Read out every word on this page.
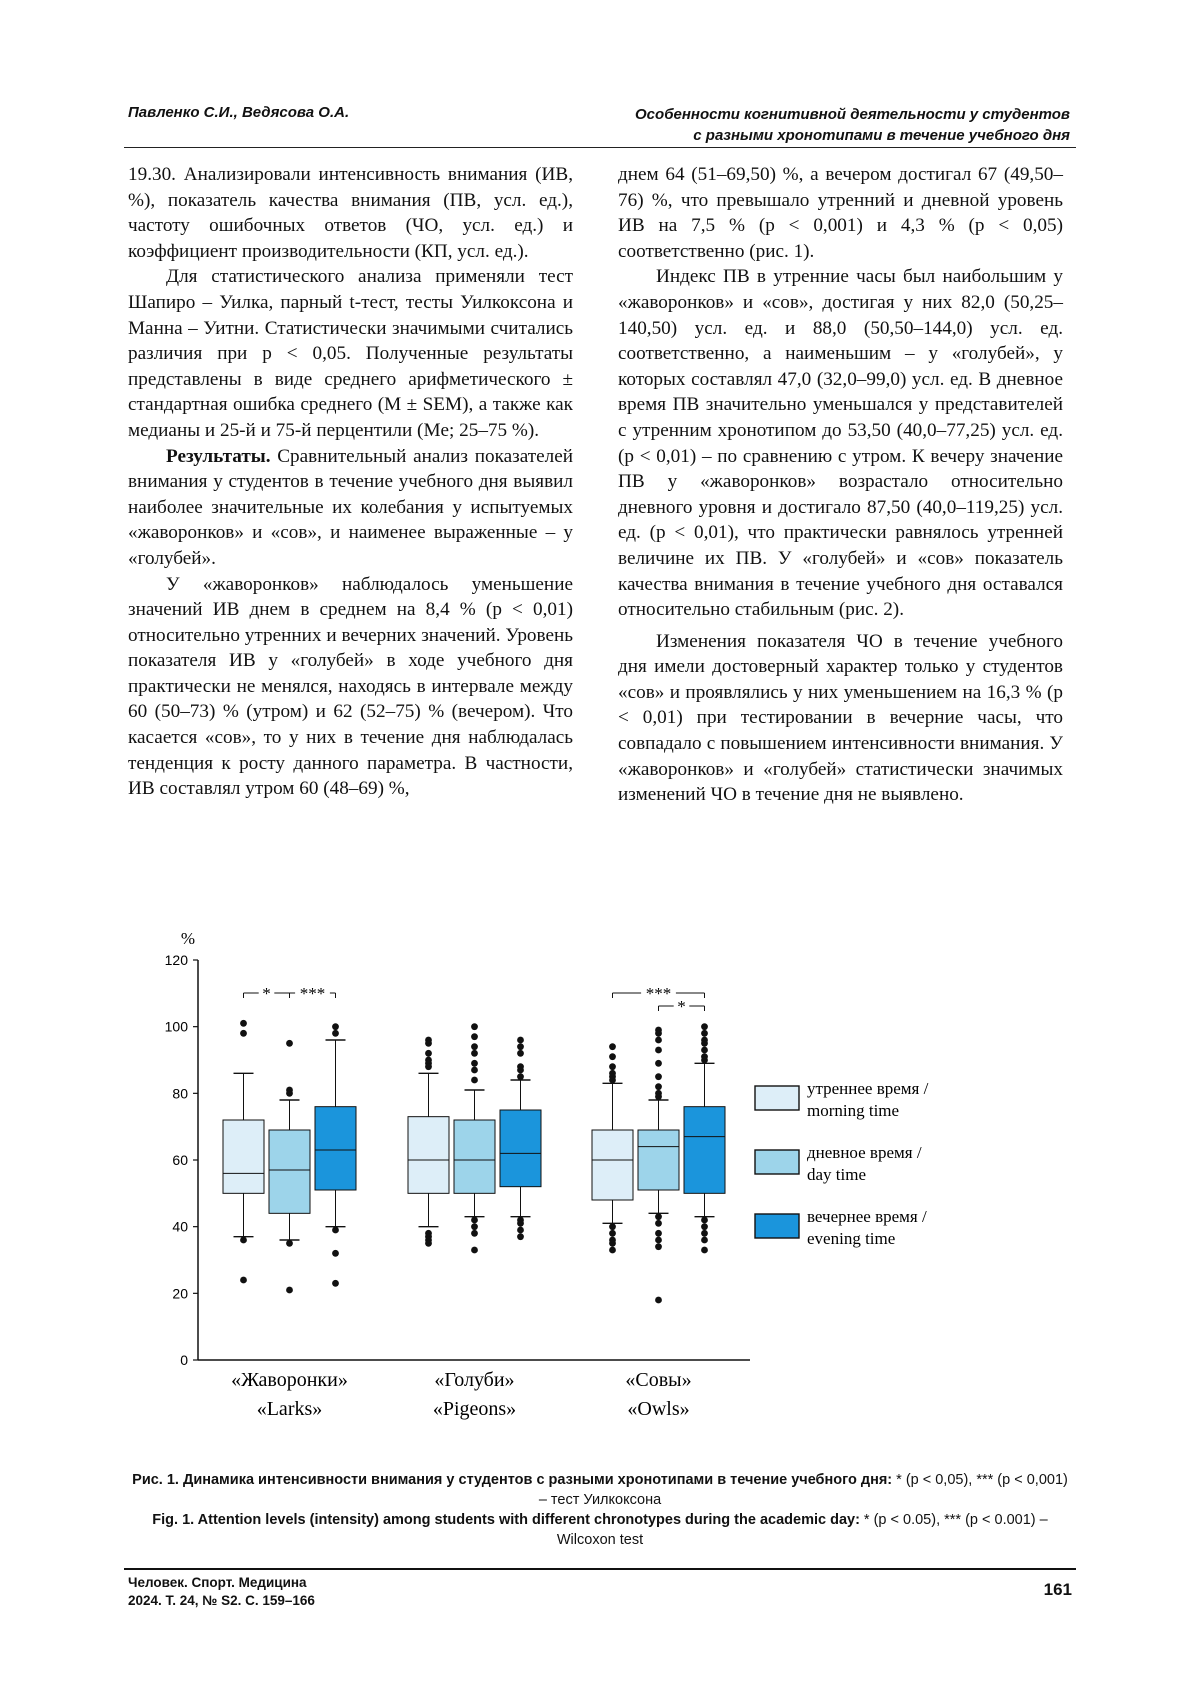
Павленко С.И., Ведясова О.А.	Особенности когнитивной деятельности у студентов
с разными хронотипами в течение учебного дня

19.30. Анализировали интенсивность внимания (ИВ, %), показатель качества внимания (ПВ, усл. ед.), частоту ошибочных ответов (ЧО, усл. ед.) и коэффициент производительности (КП, усл. ед.).

Для статистического анализа применяли тест Шапиро – Уилка, парный t-тест, тесты Уилкоксона и Манна – Уитни. Статистически значимыми считались различия при p < 0,05. Полученные результаты представлены в виде среднего арифметического ± стандартная ошибка среднего (M ± SEM), а также как медианы и 25-й и 75-й перцентили (Me; 25–75 %).

Результаты. Сравнительный анализ показателей внимания у студентов в течение учебного дня выявил наиболее значительные их колебания у испытуемых «жаворонков» и «сов», и наименее выраженные – у «голубей».

У «жаворонков» наблюдалось уменьшение значений ИВ днем в среднем на 8,4 % (p < 0,01) относительно утренних и вечерних значений. Уровень показателя ИВ у «голубей» в ходе учебного дня практически не менялся, находясь в интервале между 60 (50–73) % (утром) и 62 (52–75) % (вечером). Что касается «сов», то у них в течение дня наблюдалась тенденция к росту данного параметра. В частности, ИВ составлял утром 60 (48–69) %,

днем 64 (51–69,50) %, а вечером достигал 67 (49,50–76) %, что превышало утренний и дневной уровень ИВ на 7,5 % (p < 0,001) и 4,3 % (p < 0,05) соответственно (рис. 1).

Индекс ПВ в утренние часы был наибольшим у «жаворонков» и «сов», достигая у них 82,0 (50,25–140,50) усл. ед. и 88,0 (50,50–144,0) усл. ед. соответственно, а наименьшим – у «голубей», у которых составлял 47,0 (32,0–99,0) усл. ед. В дневное время ПВ значительно уменьшался у представителей с утренним хронотипом до 53,50 (40,0–77,25) усл. ед. (p < 0,01) – по сравнению с утром. К вечеру значение ПВ у «жаворонков» возрастало относительно дневного уровня и достигало 87,50 (40,0–119,25) усл. ед. (p < 0,01), что практически равнялось утренней величине их ПВ. У «голубей» и «сов» показатель качества внимания в течение учебного дня оставался относительно стабильным (рис. 2).

Изменения показателя ЧО в течение учебного дня имели достоверный характер только у студентов «сов» и проявлялись у них уменьшением на 16,3 % (p < 0,01) при тестировании в вечерние часы, что совпадало с повышением интенсивности внимания. У «жаворонков» и «голубей» статистически значимых изменений ЧО в течение дня не выявлено.

%
0
20
40
60
80
100
120
«Жаворонки»
«Larks»
«Голуби»
«Pigeons»
«Совы»
«Owls»
* ***	***
*
утреннее время /
morning time
дневное время /
day time
вечернее время /
evening time
Рис. 1. Динамика интенсивности внимания у студентов с разными хронотипами в течение учебного дня: * (p < 0,05), *** (p < 0,001) – тест Уилкоксона
Fig. 1. Attention levels (intensity) among students with different chronotypes during the academic day: * (p < 0.05), *** (p < 0.001) – Wilcoxon test
Человек. Спорт. Медицина
2024. Т. 24, № S2. С. 159–166
161
